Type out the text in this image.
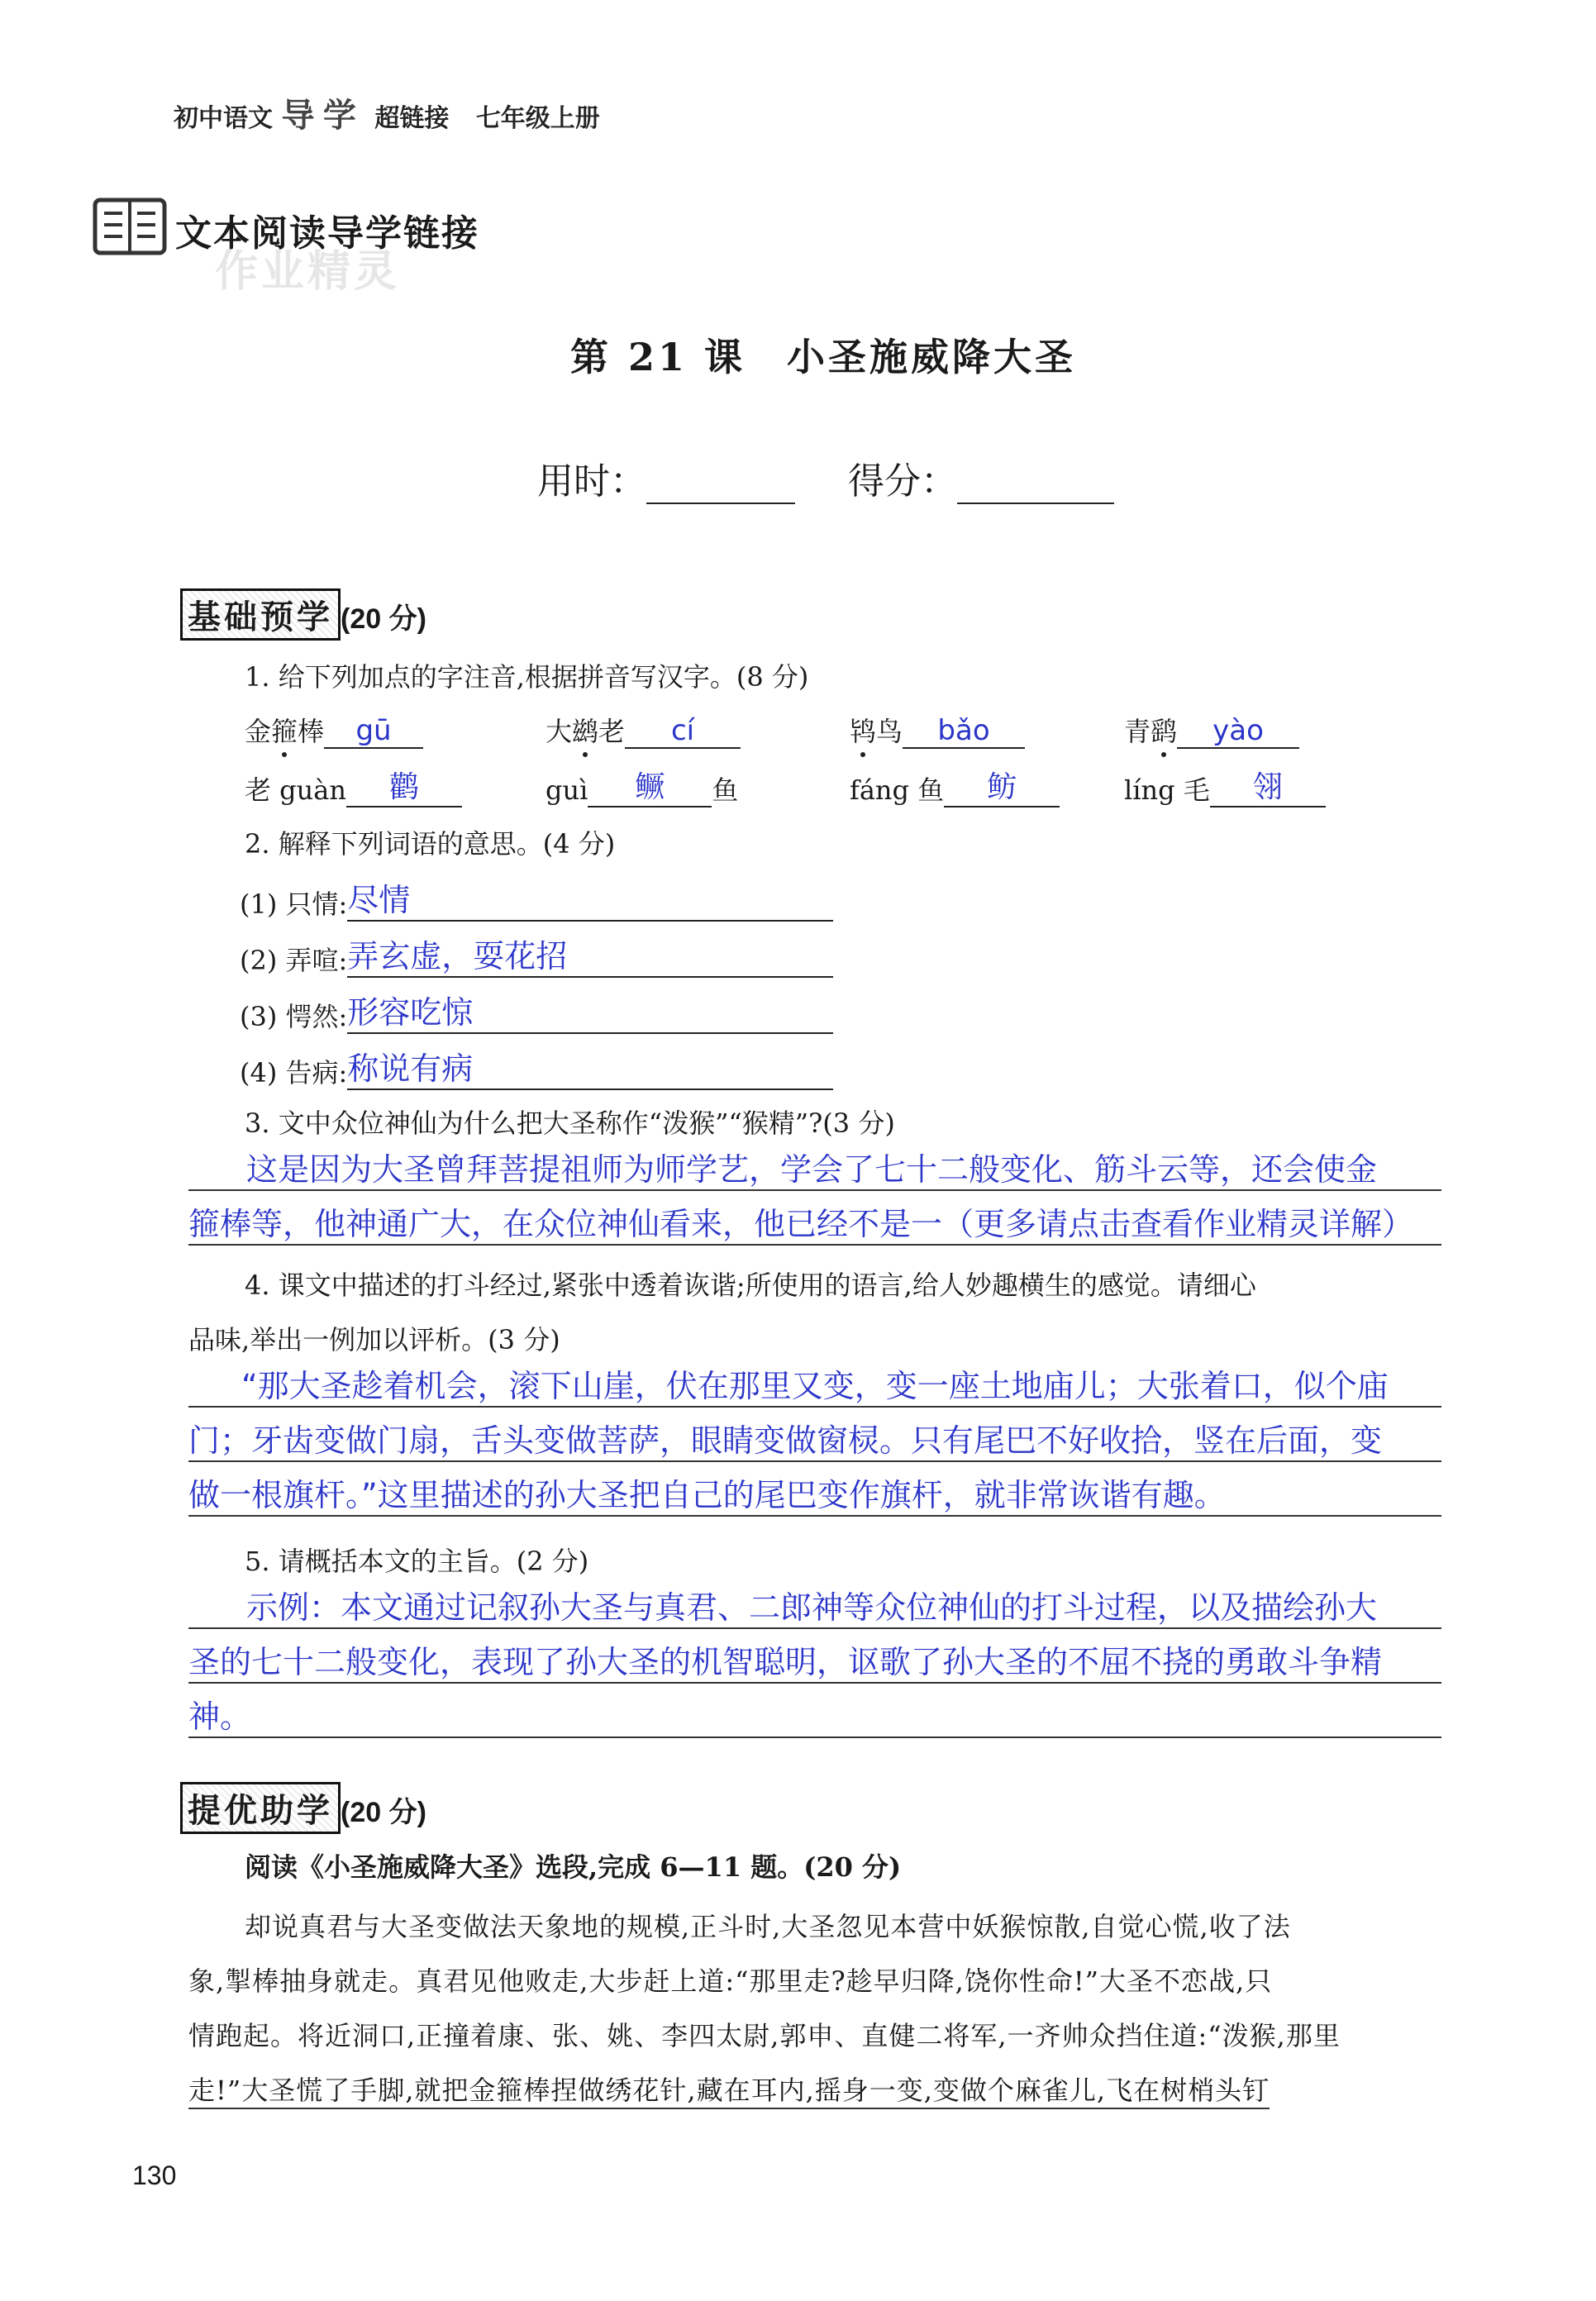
初中语文 导 学 超链接 七年级上册
文本阅读导学链接
作业精灵
第 21 课　小圣施威降大圣
用时：	得分：
基础预学 (20 分)
1. 给下列加点的字注音,根据拼音写汉字。(8 分)
金箍棒 gū	大鹚老 cí	鸨鸟 bǎo	青鹞 yào
老 guàn 鹳	guì 鳜 鱼	fáng 鱼 鲂	líng 毛 翎
2. 解释下列词语的意思。(4 分)
(1) 只情:尽情
(2) 弄喧:弄玄虚，耍花招
(3) 愕然:形容吃惊
(4) 告病:称说有病
3. 文中众位神仙为什么把大圣称作“泼猴”“猴精”?(3 分)
这是因为大圣曾拜菩提祖师为师学艺，学会了七十二般变化、筋斗云等，还会使金
箍棒等，他神通广大，在众位神仙看来，他已经不是一（更多请点击查看作业精灵详解）
4. 课文中描述的打斗经过,紧张中透着诙谐;所使用的语言,给人妙趣横生的感觉。请细心
品味,举出一例加以评析。(3 分)
“那大圣趁着机会，滚下山崖，伏在那里又变，变一座土地庙儿；大张着口，似个庙
门；牙齿变做门扇，舌头变做菩萨，眼睛变做窗棂。只有尾巴不好收拾，竖在后面，变
做一根旗杆。”这里描述的孙大圣把自己的尾巴变作旗杆，就非常诙谐有趣。
5. 请概括本文的主旨。(2 分)
示例：本文通过记叙孙大圣与真君、二郎神等众位神仙的打斗过程，以及描绘孙大
圣的七十二般变化，表现了孙大圣的机智聪明，讴歌了孙大圣的不屈不挠的勇敢斗争精
神。
提优助学 (20 分)
阅读《小圣施威降大圣》选段,完成 6—11 题。(20 分)
却说真君与大圣变做法天象地的规模,正斗时,大圣忽见本营中妖猴惊散,自觉心慌,收了法
象,掣棒抽身就走。真君见他败走,大步赶上道:“那里走?趁早归降,饶你性命!”大圣不恋战,只
情跑起。将近洞口,正撞着康、张、姚、李四太尉,郭申、直健二将军,一齐帅众挡住道:“泼猴,那里
走!”大圣慌了手脚,就把金箍棒捏做绣花针,藏在耳内,摇身一变,变做个麻雀儿,飞在树梢头钉
130
